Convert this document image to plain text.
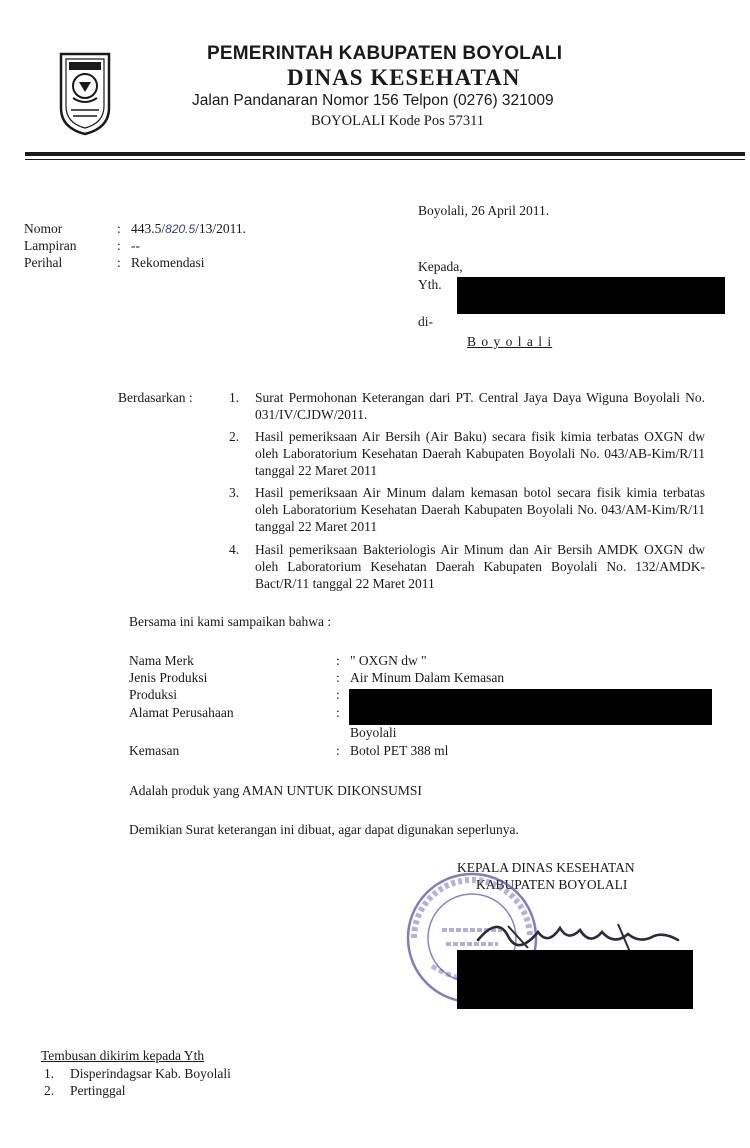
PEMERINTAH KABUPATEN BOYOLALI
DINAS KESEHATAN
Jalan Pandanaran Nomor 156 Telpon (0276) 321009
BOYOLALI Kode Pos 57311
Boyolali, 26 April 2011.
Nomor	: 443.5/820.5/13/2011.
Lampiran	: --
Perihal	: Rekomendasi	Kepada,
Yth.
di-
B o y o l a l i
Berdasarkan :	1. Surat Permohonan Keterangan dari PT. Central Jaya Daya Wiguna Boyolali No. 031/IV/CJDW/2011.
2. Hasil pemeriksaan Air Bersih (Air Baku) secara fisik kimia terbatas OXGN dw oleh Laboratorium Kesehatan Daerah Kabupaten Boyolali No. 043/AB-Kim/R/11 tanggal 22 Maret 2011
3. Hasil pemeriksaan Air Minum dalam kemasan botol secara fisik kimia terbatas oleh Laboratorium Kesehatan Daerah Kabupaten Boyolali No. 043/AM-Kim/R/11 tanggal 22 Maret 2011
4. Hasil pemeriksaan Bakteriologis Air Minum dan Air Bersih AMDK OXGN dw oleh Laboratorium Kesehatan Daerah Kabupaten Boyolali No. 132/AMDK-Bact/R/11 tanggal 22 Maret 2011
Bersama ini kami sampaikan bahwa :
Nama Merk	: " OXGN dw "
Jenis Produksi	: Air Minum Dalam Kemasan
Produksi	:
Alamat Perusahaan	:
Boyolali
Kemasan	: Botol PET 388 ml
Adalah produk yang AMAN UNTUK DIKONSUMSI
Demikian Surat keterangan ini dibuat, agar dapat digunakan seperlunya.
KEPALA DINAS KESEHATAN
KABUPATEN BOYOLALI
Tembusan dikirim kepada Yth
1. Disperindagsar Kab. Boyolali
2. Pertinggal
